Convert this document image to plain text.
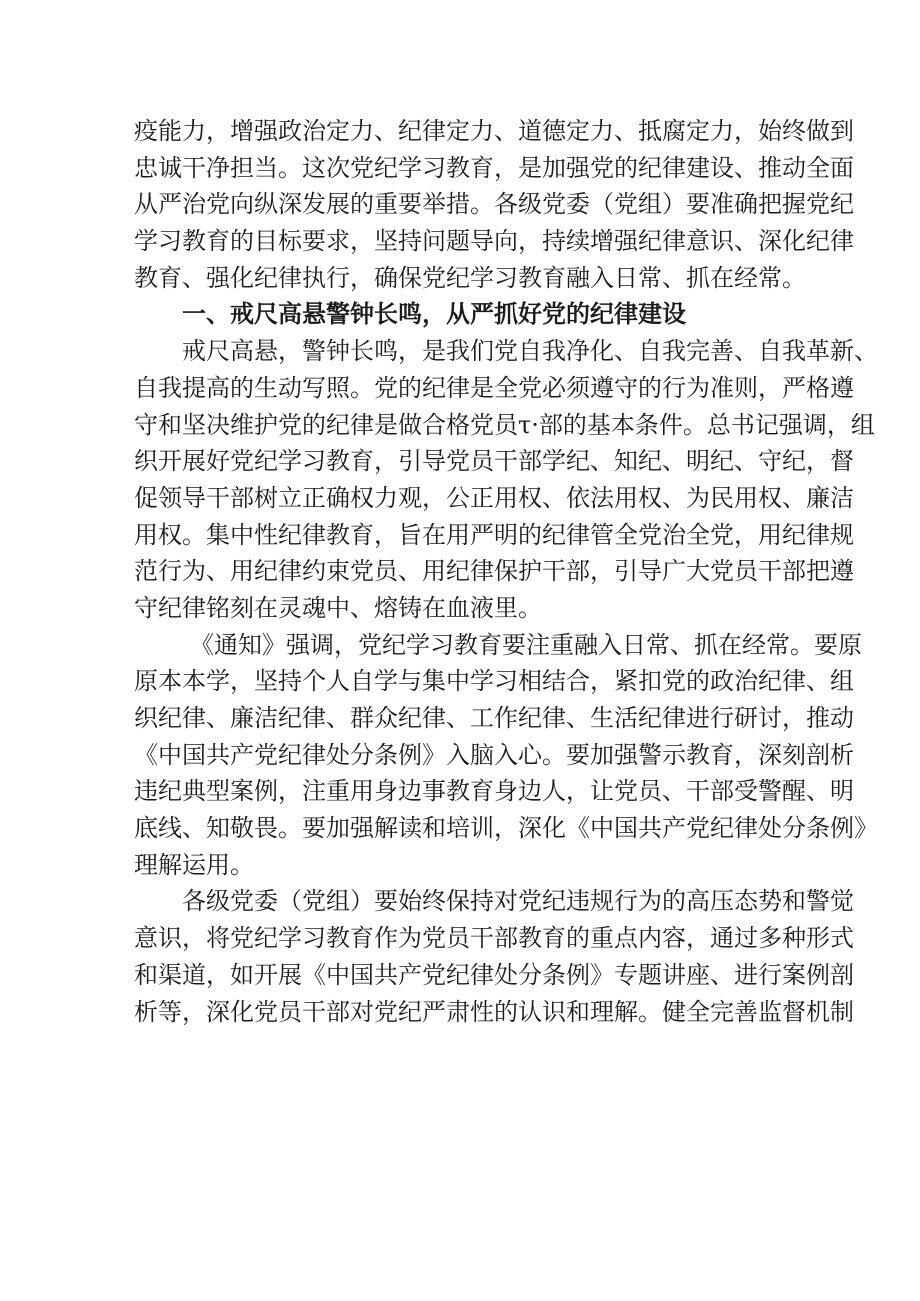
疫能力，增强政治定力、纪律定力、道德定力、抵腐定力，始终做到
忠诚干净担当。这次党纪学习教育，是加强党的纪律建设、推动全面
从严治党向纵深发展的重要举措。各级党委（党组）要准确把握党纪
学习教育的目标要求，坚持问题导向，持续增强纪律意识、深化纪律
教育、强化纪律执行，确保党纪学习教育融入日常、抓在经常。
一、戒尺高悬警钟长鸣，从严抓好党的纪律建设
戒尺高悬，警钟长鸣，是我们党自我净化、自我完善、自我革新、
自我提高的生动写照。党的纪律是全党必须遵守的行为准则，严格遵
守和坚决维护党的纪律是做合格党员τ·部的基本条件。总书记强调，组
织开展好党纪学习教育，引导党员干部学纪、知纪、明纪、守纪，督
促领导干部树立正确权力观，公正用权、依法用权、为民用权、廉洁
用权。集中性纪律教育，旨在用严明的纪律管全党治全党，用纪律规
范行为、用纪律约束党员、用纪律保护干部，引导广大党员干部把遵
守纪律铭刻在灵魂中、熔铸在血液里。
《通知》强调，党纪学习教育要注重融入日常、抓在经常。要原
原本本学，坚持个人自学与集中学习相结合，紧扣党的政治纪律、组
织纪律、廉洁纪律、群众纪律、工作纪律、生活纪律进行研讨，推动
《中国共产党纪律处分条例》入脑入心。要加强警示教育，深刻剖析
违纪典型案例，注重用身边事教育身边人，让党员、干部受警醒、明
底线、知敬畏。要加强解读和培训，深化《中国共产党纪律处分条例》
理解运用。
各级党委（党组）要始终保持对党纪违规行为的高压态势和警觉
意识，将党纪学习教育作为党员干部教育的重点内容，通过多种形式
和渠道，如开展《中国共产党纪律处分条例》专题讲座、进行案例剖
析等，深化党员干部对党纪严肃性的认识和理解。健全完善监督机制
